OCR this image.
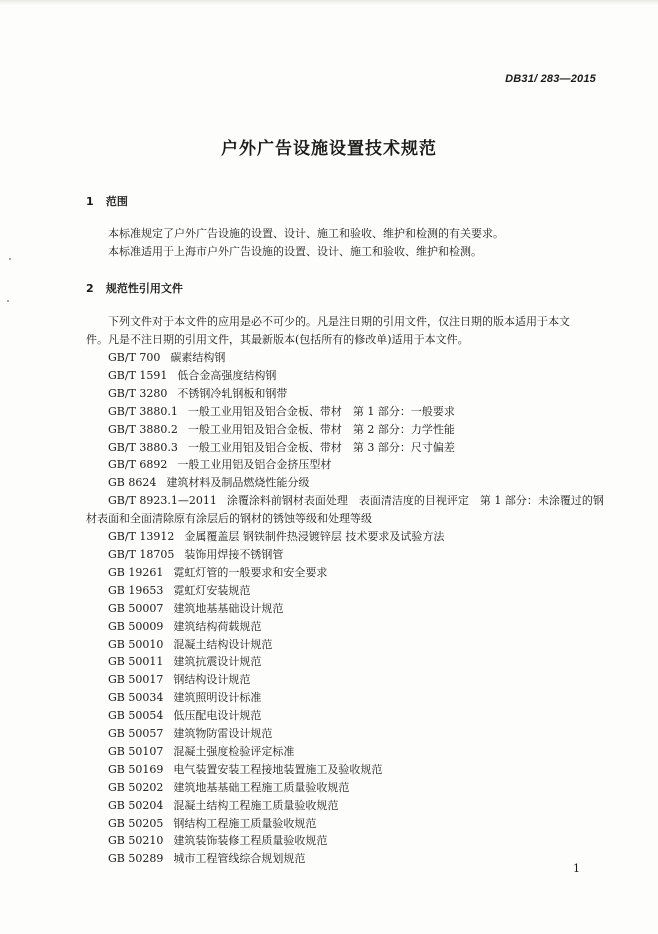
DB31/ 283—2015
户外广告设施设置技术规范
1 范围

本标准规定了户外广告设施的设置、设计、施工和验收、维护和检测的有关要求。

本标准适用于上海市户外广告设施的设置、设计、施工和验收、维护和检测。

2 规范性引用文件

下列文件对于本文件的应用是必不可少的。凡是注日期的引用文件，仅注日期的版本适用于本文

件。凡是不注日期的引用文件，其最新版本(包括所有的修改单)适用于本文件。

GB/T 700 碳素结构钢
GB/T 1591 低合金高强度结构钢
GB/T 3280 不锈钢冷轧钢板和钢带
GB/T 3880.1 一般工业用铝及铝合金板、带材　第 1 部分：一般要求
GB/T 3880.2 一般工业用铝及铝合金板、带材　第 2 部分：力学性能
GB/T 3880.3 一般工业用铝及铝合金板、带材　第 3 部分：尺寸偏差
GB/T 6892 一般工业用铝及铝合金挤压型材
GB 8624 建筑材料及制品燃烧性能分级
GB/T 8923.1—2011 涂覆涂料前钢材表面处理　表面清洁度的目视评定　第 1 部分：未涂覆过的钢材表面和全面清除原有涂层后的钢材的锈蚀等级和处理等级
GB/T 13912 金属覆盖层 钢铁制件热浸镀锌层 技术要求及试验方法
GB/T 18705 装饰用焊接不锈钢管
GB 19261 霓虹灯管的一般要求和安全要求
GB 19653 霓虹灯安装规范
GB 50007 建筑地基基础设计规范
GB 50009 建筑结构荷载规范
GB 50010 混凝土结构设计规范
GB 50011 建筑抗震设计规范
GB 50017 钢结构设计规范
GB 50034 建筑照明设计标准
GB 50054 低压配电设计规范
GB 50057 建筑物防雷设计规范
GB 50107 混凝土强度检验评定标准
GB 50169 电气装置安装工程接地装置施工及验收规范
GB 50202 建筑地基基础工程施工质量验收规范
GB 50204 混凝土结构工程施工质量验收规范
GB 50205 钢结构工程施工质量验收规范
GB 50210 建筑装饰装修工程质量验收规范
GB 50289 城市工程管线综合规划规范
1
